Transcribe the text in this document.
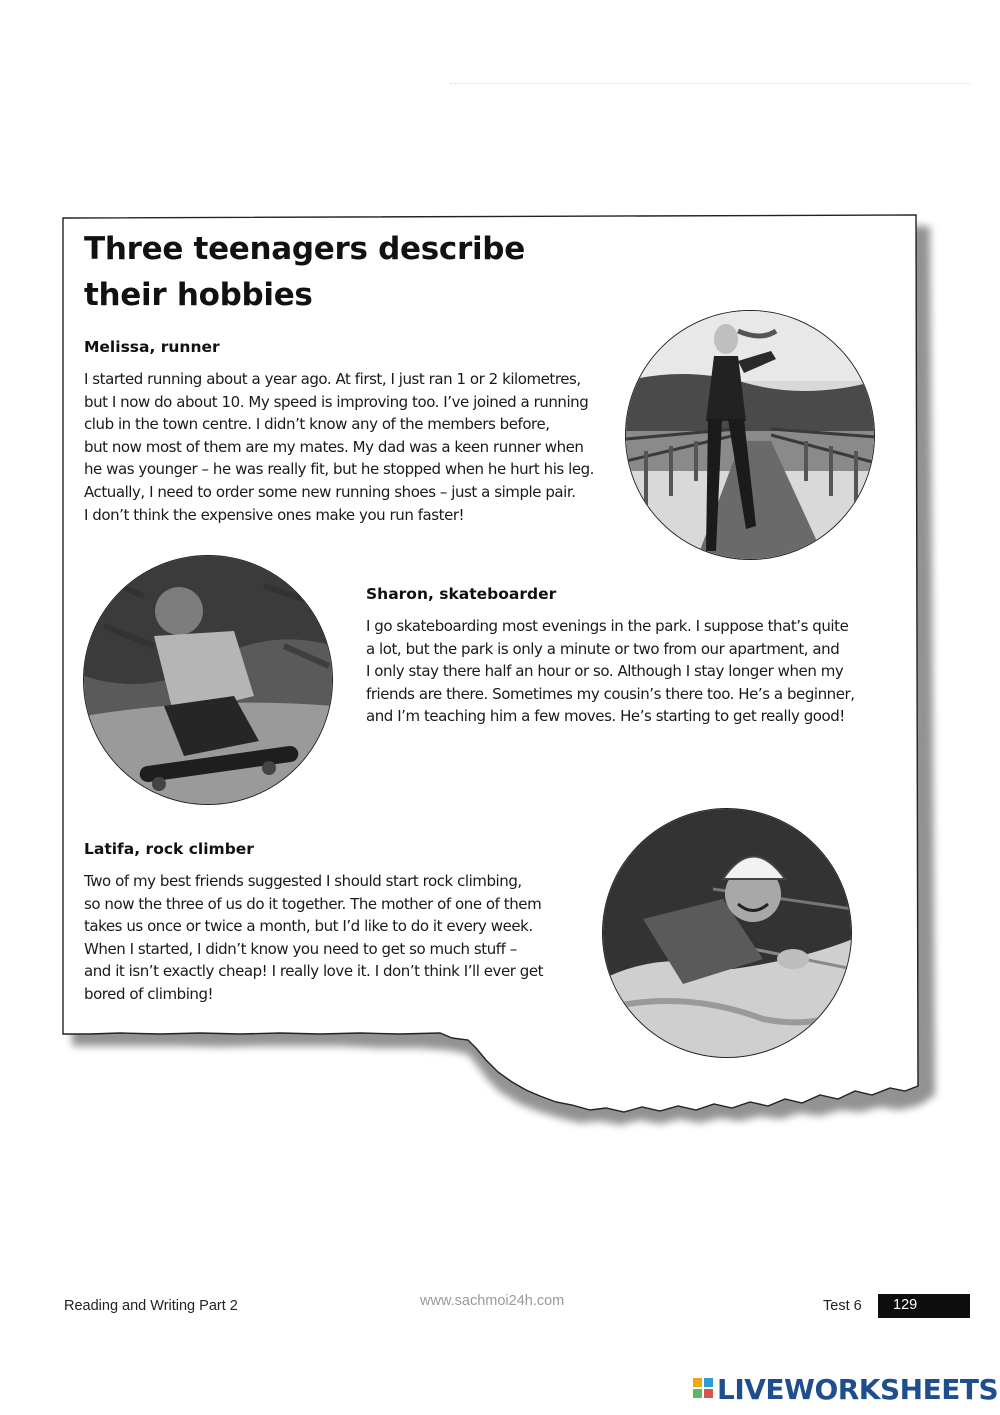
Three teenagers describe
their hobbies

Melissa, runner

I started running about a year ago. At first, I just ran 1 or 2 kilometres,
but I now do about 10. My speed is improving too. I’ve joined a running
club in the town centre. I didn’t know any of the members before,
but now most of them are my mates. My dad was a keen runner when
he was younger – he was really fit, but he stopped when he hurt his leg.
Actually, I need to order some new running shoes – just a simple pair.
I don’t think the expensive ones make you run faster!

Sharon, skateboarder

I go skateboarding most evenings in the park. I suppose that’s quite
a lot, but the park is only a minute or two from our apartment, and
I only stay there half an hour or so. Although I stay longer when my
friends are there. Sometimes my cousin’s there too. He’s a beginner,
and I’m teaching him a few moves. He’s starting to get really good!

Latifa, rock climber

Two of my best friends suggested I should start rock climbing,
so now the three of us do it together. The mother of one of them
takes us once or twice a month, but I’d like to do it every week.
When I started, I didn’t know you need to get so much stuff –
and it isn’t exactly cheap! I really love it. I don’t think I’ll ever get
bored of climbing!
Reading and Writing Part 2	www.sachmoi24h.com	Test 6 129
LIVEWORKSHEETS
